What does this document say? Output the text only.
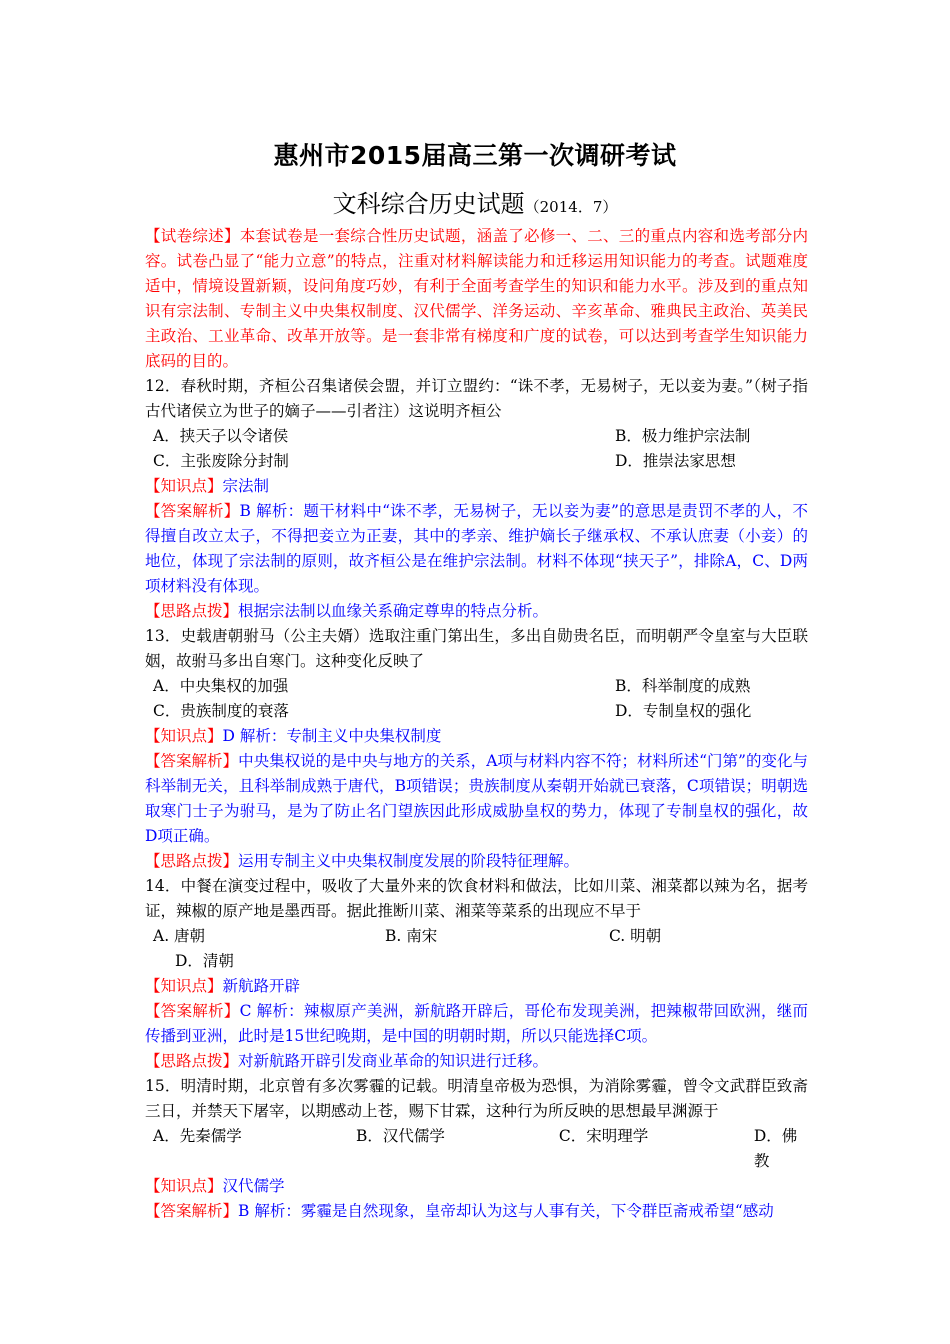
惠州市2015届高三第一次调研考试
文科综合历史试题（2014．7）
【试卷综述】本套试卷是一套综合性历史试题，涵盖了必修一、二、三的重点内容和选考部分内容。试卷凸显了“能力立意”的特点，注重对材料解读能力和迁移运用知识能力的考查。试题难度适中，情境设置新颖，设问角度巧妙，有利于全面考查学生的知识和能力水平。涉及到的重点知识有宗法制、专制主义中央集权制度、汉代儒学、洋务运动、辛亥革命、雅典民主政治、英美民主政治、工业革命、改革开放等。是一套非常有梯度和广度的试卷，可以达到考查学生知识能力底码的目的。
12．春秋时期，齐桓公召集诸侯会盟，并订立盟约：“诛不孝，无易树子，无以妾为妻。”（树子指古代诸侯立为世子的嫡子——引者注）这说明齐桓公
A．挟天子以令诸侯	B．极力维护宗法制
C．主张废除分封制	D．推崇法家思想
【知识点】宗法制
【答案解析】B 解析：题干材料中“诛不孝，无易树子，无以妾为妻”的意思是责罚不孝的人，不得擅自改立太子，不得把妾立为正妻，其中的孝亲、维护嫡长子继承权、不承认庶妻（小妾）的地位，体现了宗法制的原则，故齐桓公是在维护宗法制。材料不体现“挟天子”，排除A，C、D两项材料没有体现。
【思路点拨】根据宗法制以血缘关系确定尊卑的特点分析。
13．史载唐朝驸马（公主夫婿）选取注重门第出生，多出自勋贵名臣，而明朝严令皇室与大臣联姻，故驸马多出自寒门。这种变化反映了
A．中央集权的加强	B．科举制度的成熟
C．贵族制度的衰落	D．专制皇权的强化
【知识点】D 解析：专制主义中央集权制度
【答案解析】中央集权说的是中央与地方的关系，A项与材料内容不符；材料所述“门第”的变化与科举制无关，且科举制成熟于唐代，B项错误；贵族制度从秦朝开始就已衰落，C项错误；明朝选取寒门士子为驸马，是为了防止名门望族因此形成威胁皇权的势力，体现了专制皇权的强化，故D项正确。
【思路点拨】运用专制主义中央集权制度发展的阶段特征理解。
14．中餐在演变过程中，吸收了大量外来的饮食材料和做法，比如川菜、湘菜都以辣为名，据考证，辣椒的原产地是墨西哥。据此推断川菜、湘菜等菜系的出现应不早于
A. 唐朝	B. 南宋	C. 明朝
D．清朝
【知识点】新航路开辟
【答案解析】C 解析：辣椒原产美洲，新航路开辟后，哥伦布发现美洲，把辣椒带回欧洲，继而传播到亚洲，此时是15世纪晚期，是中国的明朝时期，所以只能选择C项。
【思路点拨】对新航路开辟引发商业革命的知识进行迁移。
15．明清时期，北京曾有多次雾霾的记载。明清皇帝极为恐惧，为消除雾霾，曾令文武群臣致斋三日，并禁天下屠宰，以期感动上苍，赐下甘霖，这种行为所反映的思想最早渊源于
A．先秦儒学	B．汉代儒学	C．宋明理学	D．佛教
【知识点】汉代儒学
【答案解析】B 解析：雾霾是自然现象，皇帝却认为这与人事有关，下令群臣斋戒希望“感动
